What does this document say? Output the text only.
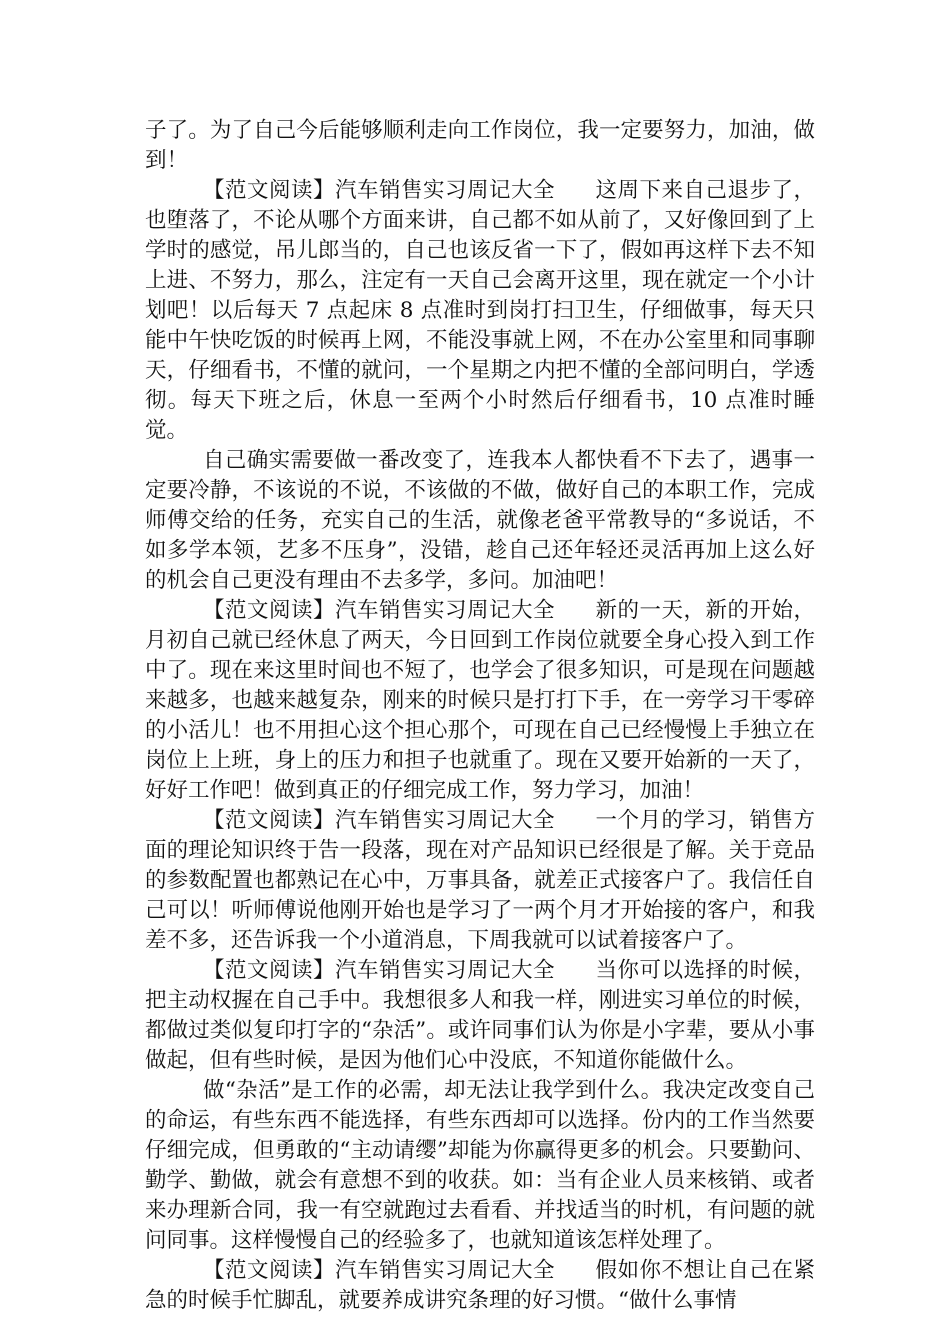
子了。为了自己今后能够顺利走向工作岗位，我一定要努力，加油，做到！

【范文阅读】汽车销售实习周记大全 这周下来自己退步了，也堕落了，不论从哪个方面来讲，自己都不如从前了，又好像回到了上学时的感觉，吊儿郎当的，自己也该反省一下了，假如再这样下去不知上进、不努力，那么，注定有一天自己会离开这里，现在就定一个小计划吧！以后每天 7 点起床 8 点准时到岗打扫卫生，仔细做事，每天只能中午快吃饭的时候再上网，不能没事就上网，不在办公室里和同事聊天，仔细看书，不懂的就问，一个星期之内把不懂的全部问明白，学透彻。每天下班之后，休息一至两个小时然后仔细看书，10 点准时睡觉。

自己确实需要做一番改变了，连我本人都快看不下去了，遇事一定要冷静，不该说的不说，不该做的不做，做好自己的本职工作，完成师傅交给的任务，充实自己的生活，就像老爸平常教导的“多说话，不如多学本领，艺多不压身”，没错，趁自己还年轻还灵活再加上这么好的机会自己更没有理由不去多学，多问。加油吧！

【范文阅读】汽车销售实习周记大全 新的一天，新的开始，月初自己就已经休息了两天，今日回到工作岗位就要全身心投入到工作中了。现在来这里时间也不短了，也学会了很多知识，可是现在问题越来越多，也越来越复杂，刚来的时候只是打打下手，在一旁学习干零碎的小活儿！也不用担心这个担心那个，可现在自己已经慢慢上手独立在岗位上上班，身上的压力和担子也就重了。现在又要开始新的一天了，好好工作吧！做到真正的仔细完成工作，努力学习，加油！

【范文阅读】汽车销售实习周记大全 一个月的学习，销售方面的理论知识终于告一段落，现在对产品知识已经很是了解。关于竞品的参数配置也都熟记在心中，万事具备，就差正式接客户了。我信任自己可以！听师傅说他刚开始也是学习了一两个月才开始接的客户，和我差不多，还告诉我一个小道消息，下周我就可以试着接客户了。

【范文阅读】汽车销售实习周记大全 当你可以选择的时候，把主动权握在自己手中。我想很多人和我一样，刚进实习单位的时候，都做过类似复印打字的“杂活”。或许同事们认为你是小字辈，要从小事做起，但有些时候，是因为他们心中没底，不知道你能做什么。

做“杂活”是工作的必需，却无法让我学到什么。我决定改变自己的命运，有些东西不能选择，有些东西却可以选择。份内的工作当然要仔细完成，但勇敢的“主动请缨”却能为你赢得更多的机会。只要勤问、勤学、勤做，就会有意想不到的收获。如：当有企业人员来核销、或者来办理新合同，我一有空就跑过去看看、并找适当的时机，有问题的就问同事。这样慢慢自己的经验多了，也就知道该怎样处理了。

【范文阅读】汽车销售实习周记大全 假如你不想让自己在紧急的时候手忙脚乱，就要养成讲究条理的好习惯。“做什么事情
